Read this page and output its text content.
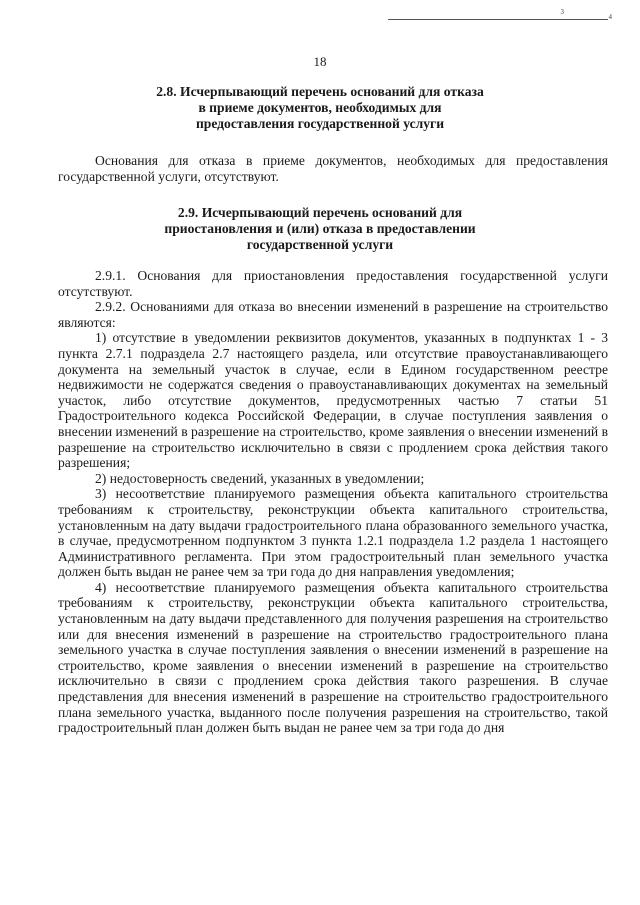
3
4
18
2.8. Исчерпывающий перечень оснований для отказа
в приеме документов, необходимых для
предоставления государственной услуги

Основания для отказа в приеме документов, необходимых для предоставления государственной услуги, отсутствуют.

2.9. Исчерпывающий перечень оснований для
приостановления и (или) отказа в предоставлении
государственной услуги

2.9.1. Основания для приостановления предоставления государственной услуги отсутствуют.

2.9.2. Основаниями для отказа во внесении изменений в разрешение на строительство являются:

1) отсутствие в уведомлении реквизитов документов, указанных в подпунктах 1 - 3 пункта 2.7.1 подраздела 2.7 настоящего раздела, или отсутствие правоустанавливающего документа на земельный участок в случае, если в Едином государственном реестре недвижимости не содержатся сведения о правоустанавливающих документах на земельный участок, либо отсутствие документов, предусмотренных частью 7 статьи 51 Градостроительного кодекса Российской Федерации, в случае поступления заявления о внесении изменений в разрешение на строительство, кроме заявления о внесении изменений в разрешение на строительство исключительно в связи с продлением срока действия такого разрешения;

2) недостоверность сведений, указанных в уведомлении;

3) несоответствие планируемого размещения объекта капитального строительства требованиям к строительству, реконструкции объекта капитального строительства, установленным на дату выдачи градостроительного плана образованного земельного участка, в случае, предусмотренном подпунктом 3 пункта 1.2.1 подраздела 1.2 раздела 1 настоящего Административного регламента. При этом градостроительный план земельного участка должен быть выдан не ранее чем за три года до дня направления уведомления;

4) несоответствие планируемого размещения объекта капитального строительства требованиям к строительству, реконструкции объекта капитального строительства, установленным на дату выдачи представленного для получения разрешения на строительство или для внесения изменений в разрешение на строительство градостроительного плана земельного участка в случае поступления заявления о внесении изменений в разрешение на строительство, кроме заявления о внесении изменений в разрешение на строительство исключительно в связи с продлением срока действия такого разрешения. В случае представления для внесения изменений в разрешение на строительство градостроительного плана земельного участка, выданного после получения разрешения на строительство, такой градостроительный план должен быть выдан не ранее чем за три года до дня
